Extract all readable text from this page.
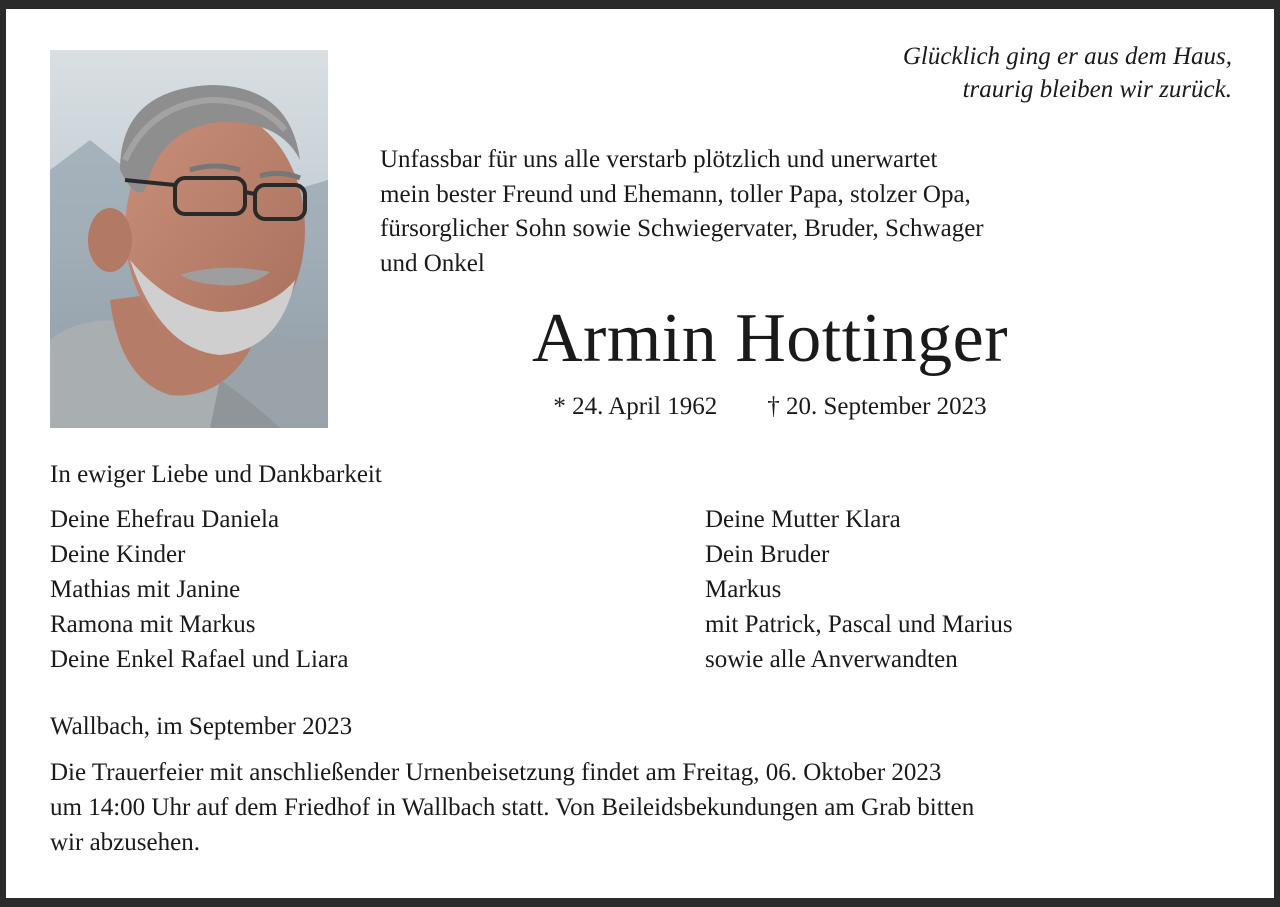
Glücklich ging er aus dem Haus,
traurig bleiben wir zurück.
Unfassbar für uns alle verstarb plötzlich und unerwartet
mein bester Freund und Ehemann, toller Papa, stolzer Opa,
fürsorglicher Sohn sowie Schwiegervater, Bruder, Schwager
und Onkel
Armin Hottinger
* 24. April 1962 † 20. September 2023
In ewiger Liebe und Dankbarkeit
Deine Ehefrau Daniela
Deine Kinder
Mathias mit Janine
Ramona mit Markus
Deine Enkel Rafael und Liara
Deine Mutter Klara
Dein Bruder
Markus
mit Patrick, Pascal und Marius
sowie alle Anverwandten
Wallbach, im September 2023
Die Trauerfeier mit anschließender Urnenbeisetzung findet am Freitag, 06. Oktober 2023
um 14:00 Uhr auf dem Friedhof in Wallbach statt. Von Beileidsbekundungen am Grab bitten
wir abzusehen.
